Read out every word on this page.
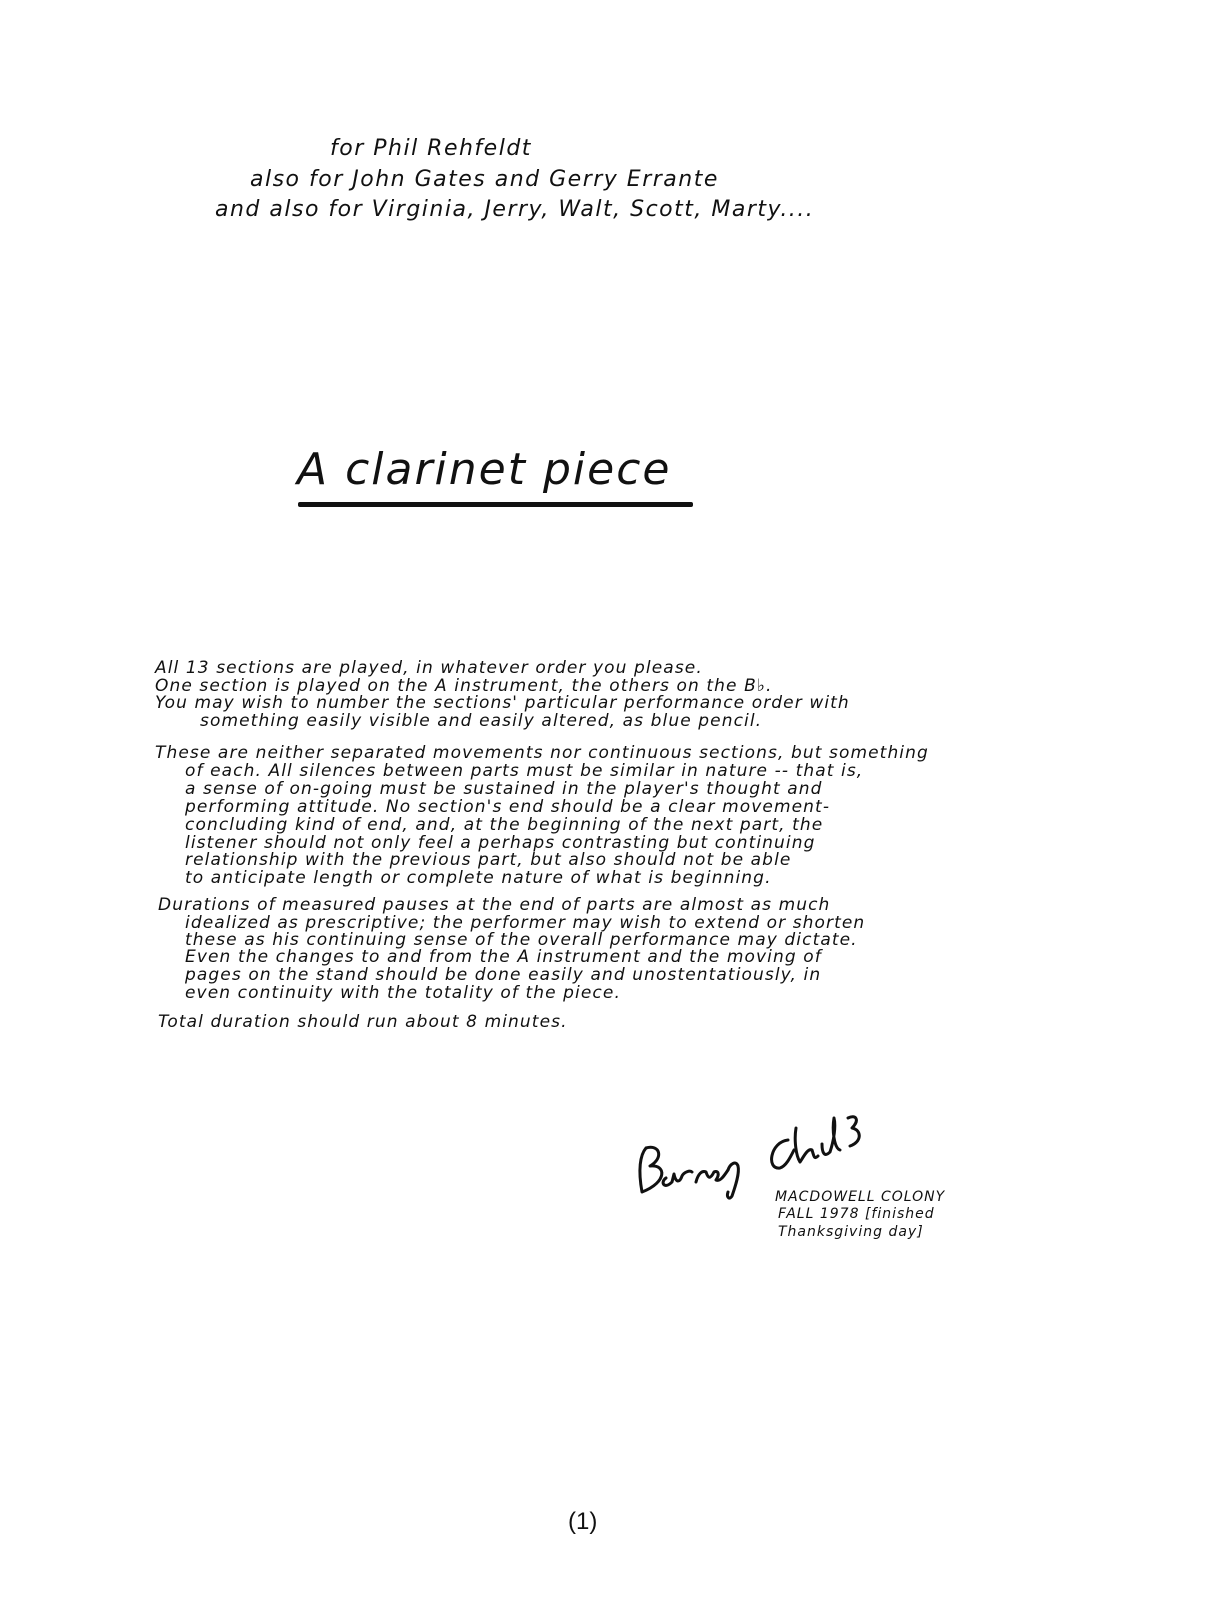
for Phil Rehfeldt
also for John Gates and Gerry Errante
and also for Virginia, Jerry, Walt, Scott, Marty....
A clarinet piece
All 13 sections are played, in whatever order you please.
One section is played on the A instrument, the others on the B♭.
You may wish to number the sections' particular performance order with
something easily visible and easily altered, as blue pencil.
These are neither separated movements nor continuous sections, but something
of each. All silences between parts must be similar in nature -- that is,
a sense of on-going must be sustained in the player's thought and
performing attitude. No section's end should be a clear movement-
concluding kind of end, and, at the beginning of the next part, the
listener should not only feel a perhaps contrasting but continuing
relationship with the previous part, but also should not be able
to anticipate length or complete nature of what is beginning.
Durations of measured pauses at the end of parts are almost as much
idealized as prescriptive; the performer may wish to extend or shorten
these as his continuing sense of the overall performance may dictate.
Even the changes to and from the A instrument and the moving of
pages on the stand should be done easily and unostentatiously, in
even continuity with the totality of the piece.
Total duration should run about 8 minutes.
MACDOWELL COLONY
FALL 1978 [finished
Thanksgiving day]
(1)
